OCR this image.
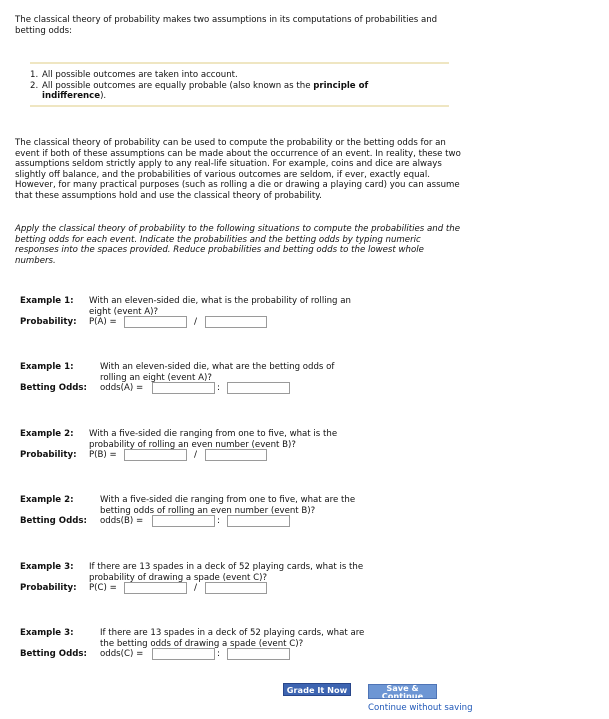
The classical theory of probability makes two assumptions in its computations of probabilities and betting odds:
1. All possible outcomes are taken into account.
2. All possible outcomes are equally probable (also known as the principle of indifference).
The classical theory of probability can be used to compute the probability or the betting odds for an event if both of these assumptions can be made about the occurrence of an event. In reality, these two assumptions seldom strictly apply to any real-life situation. For example, coins and dice are always slightly off balance, and the probabilities of various outcomes are seldom, if ever, exactly equal. However, for many practical purposes (such as rolling a die or drawing a playing card) you can assume that these assumptions hold and use the classical theory of probability.
Apply the classical theory of probability to the following situations to compute the probabilities and the betting odds for each event. Indicate the probabilities and the betting odds by typing numeric responses into the spaces provided. Reduce probabilities and betting odds to the lowest whole numbers.
Example 1: With an eleven-sided die, what is the probability of rolling an eight (event A)?
Probability: P(A) =	/
Example 1:	With an eleven-sided die, what are the betting odds of rolling an eight (event A)?
Betting Odds: odds(A) =	:
Example 2: With a five-sided die ranging from one to five, what is the probability of rolling an even number (event B)?
Probability: P(B) =	/
Example 2:	With a five-sided die ranging from one to five, what are the betting odds of rolling an even number (event B)?
Betting Odds: odds(B) =	:
Example 3: If there are 13 spades in a deck of 52 playing cards, what is the probability of drawing a spade (event C)?
Probability: P(C) =	/
Example 3:	If there are 13 spades in a deck of 52 playing cards, what are the betting odds of drawing a spade (event C)?
Betting Odds: odds(C) =	:
Grade It Now	Save & Continue
Continue without saving
